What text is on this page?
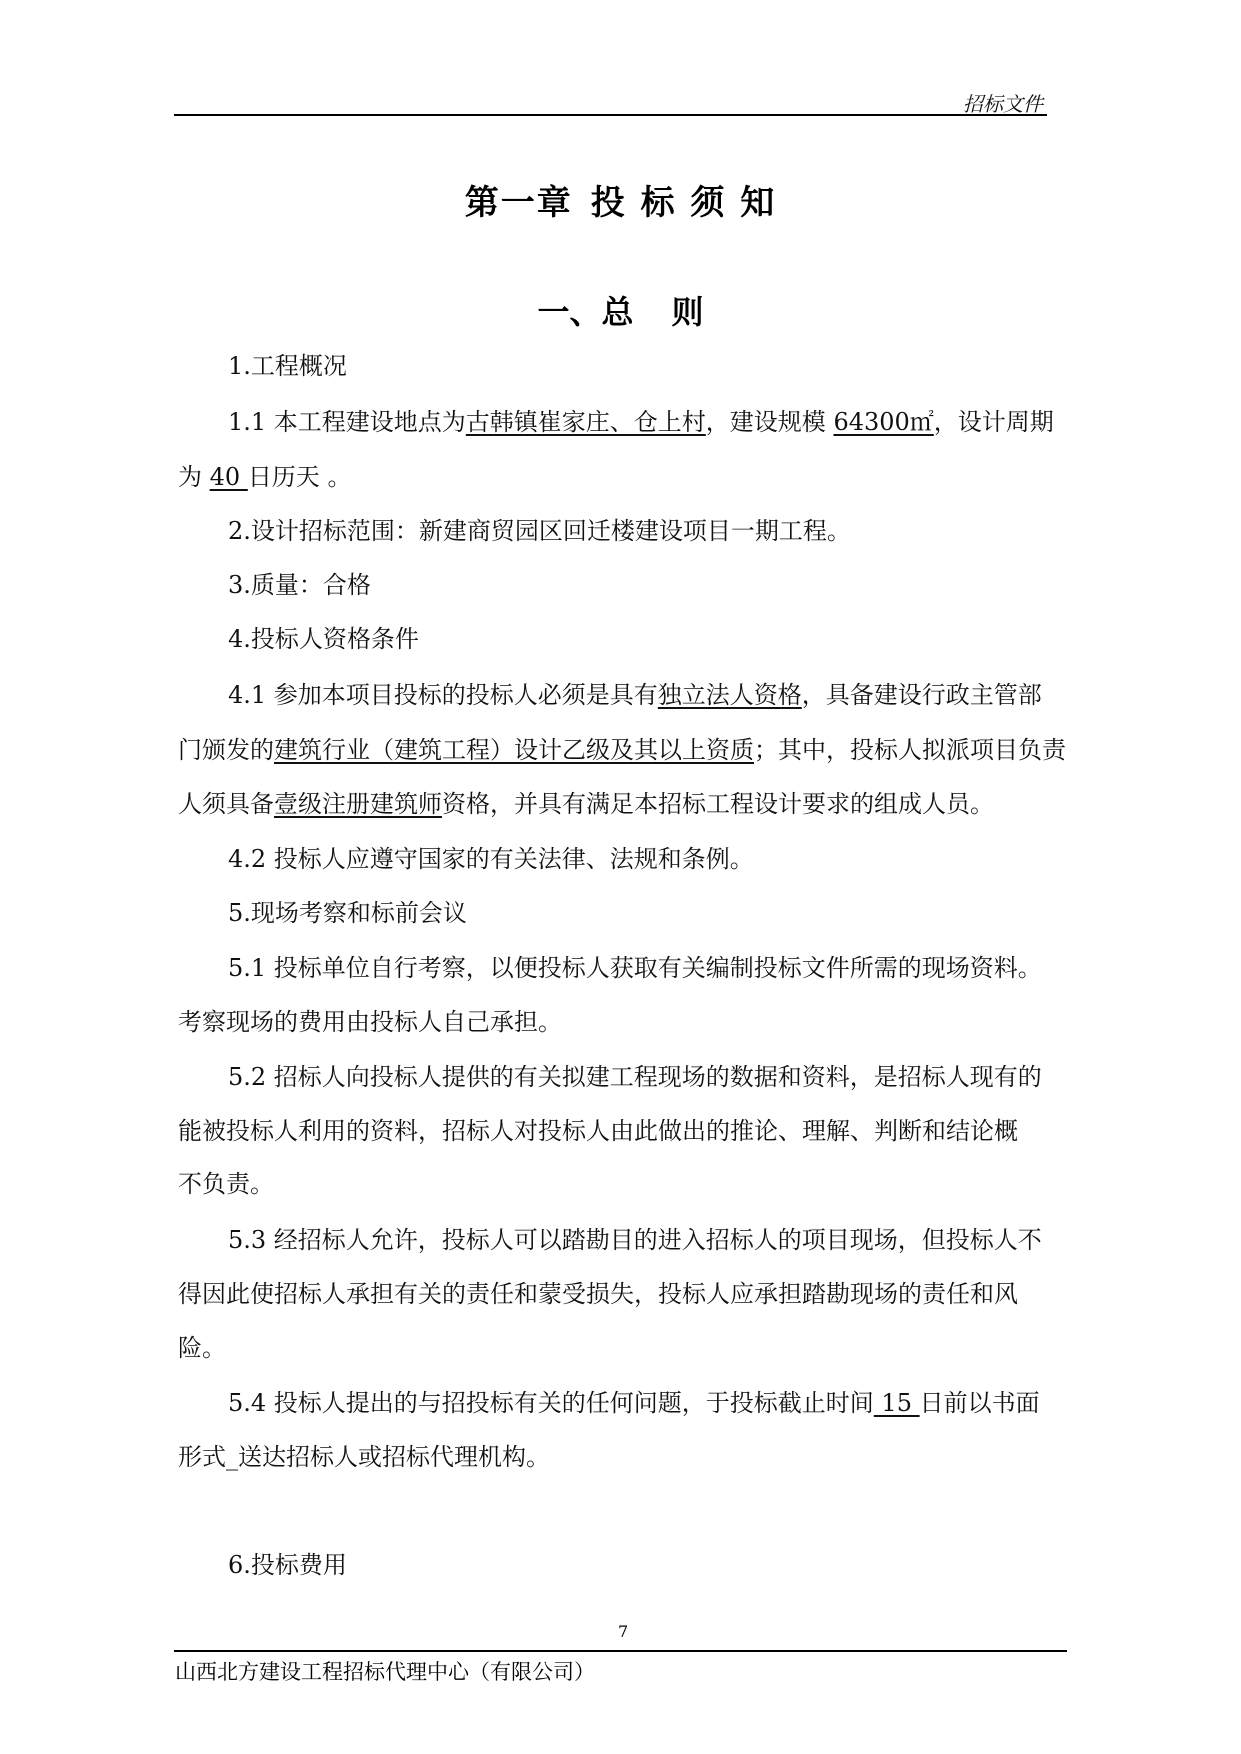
招标文件
第一章 投 标 须 知
一、总 则
1.工程概况
1.1 本工程建设地点为古韩镇崔家庄、仓上村，建设规模 64300㎡，设计周期
为 40 日历天 。
2.设计招标范围：新建商贸园区回迁楼建设项目一期工程。
3.质量：合格
4.投标人资格条件
4.1 参加本项目投标的投标人必须是具有独立法人资格，具备建设行政主管部
门颁发的建筑行业（建筑工程）设计乙级及其以上资质；其中，投标人拟派项目负责
人须具备壹级注册建筑师资格，并具有满足本招标工程设计要求的组成人员。
4.2 投标人应遵守国家的有关法律、法规和条例。
5.现场考察和标前会议
5.1 投标单位自行考察，以便投标人获取有关编制投标文件所需的现场资料。
考察现场的费用由投标人自己承担。
5.2 招标人向投标人提供的有关拟建工程现场的数据和资料，是招标人现有的
能被投标人利用的资料，招标人对投标人由此做出的推论、理解、判断和结论概
不负责。
5.3 经招标人允许，投标人可以踏勘目的进入招标人的项目现场，但投标人不
得因此使招标人承担有关的责任和蒙受损失，投标人应承担踏勘现场的责任和风
险。
5.4 投标人提出的与招投标有关的任何问题，于投标截止时间 15 日前以书面
形式_送达招标人或招标代理机构。
6.投标费用
7
山西北方建设工程招标代理中心（有限公司）
